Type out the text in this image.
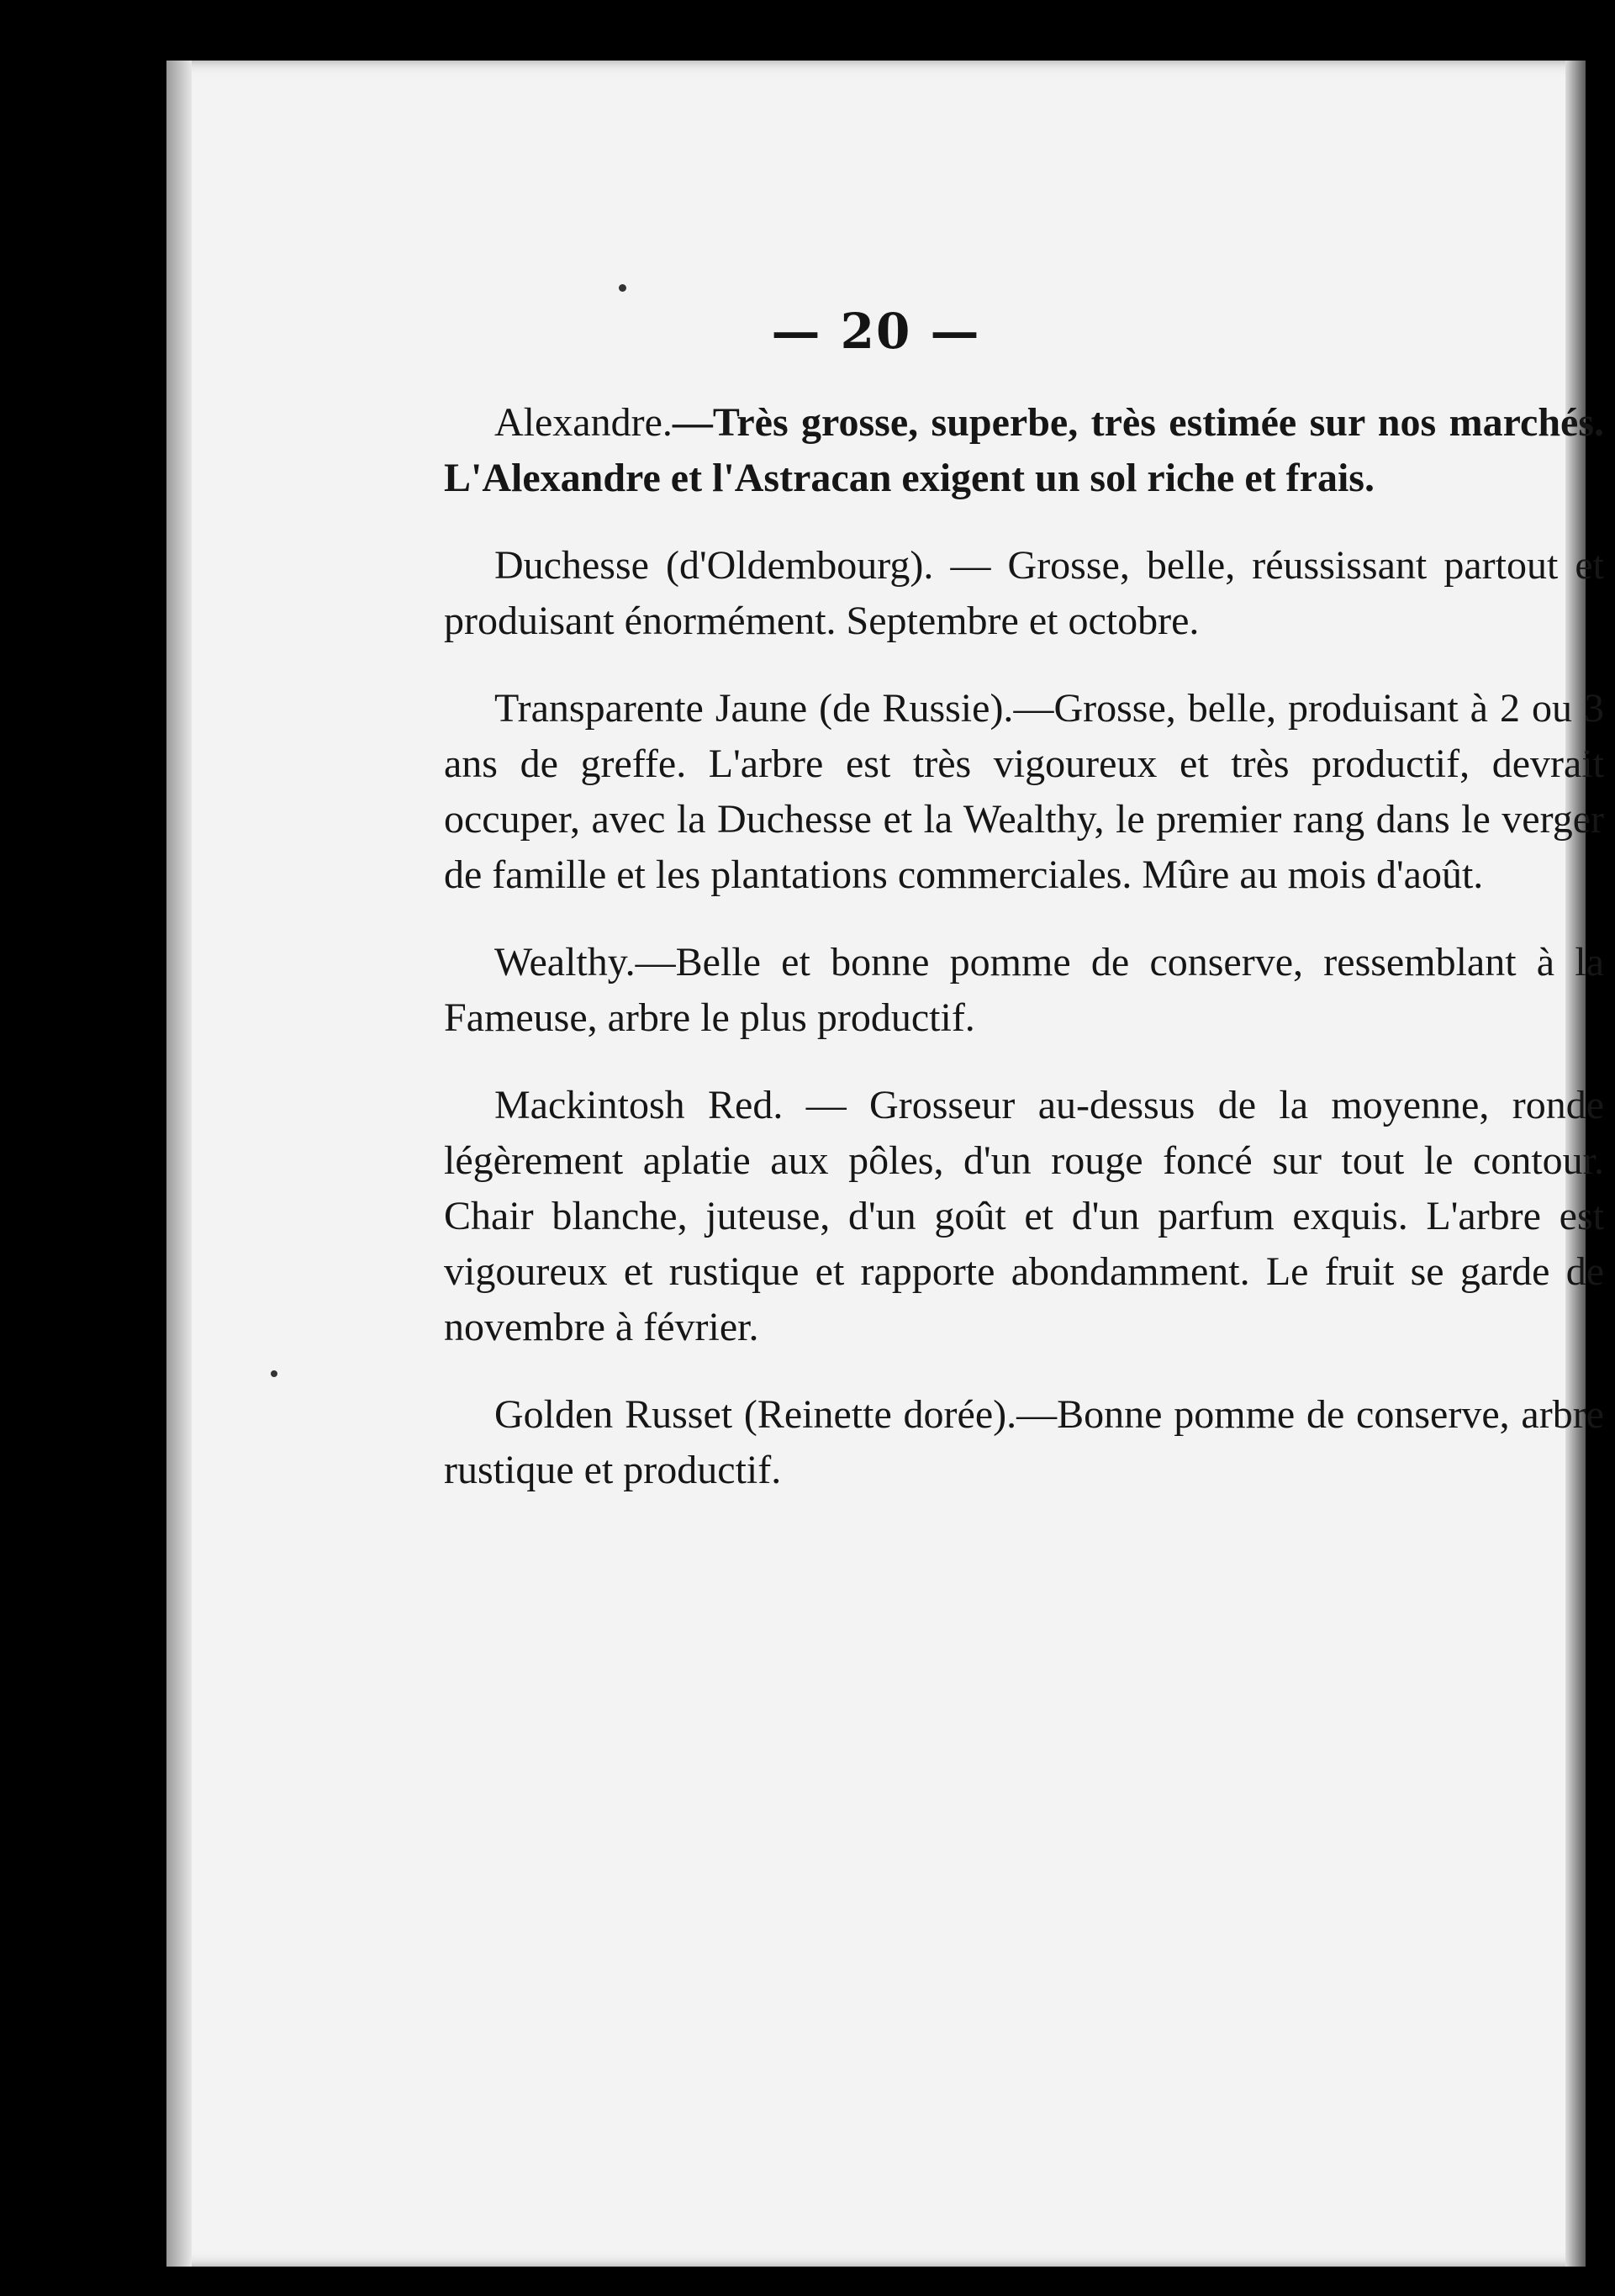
— 20 —

Alexandre.—Très grosse, superbe, très estimée sur nos marchés. L'Alexandre et l'Astracan exigent un sol riche et frais.

Duchesse (d'Oldembourg). — Grosse, belle, réussissant partout et produisant énormément. Septembre et octobre.

Transparente Jaune (de Russie).—Grosse, belle, produisant à 2 ou 3 ans de greffe. L'arbre est très vigoureux et très productif, devrait occuper, avec la Duchesse et la Wealthy, le premier rang dans le verger de famille et les plantations commerciales. Mûre au mois d'août.

Wealthy.—Belle et bonne pomme de conserve, ressemblant à la Fameuse, arbre le plus productif.

Mackintosh Red. — Grosseur au-dessus de la moyenne, ronde légèrement aplatie aux pôles, d'un rouge foncé sur tout le contour. Chair blanche, juteuse, d'un goût et d'un parfum exquis. L'arbre est vigoureux et rustique et rapporte abondamment. Le fruit se garde de novembre à février.

Golden Russet (Reinette dorée).—Bonne pomme de conserve, arbre rustique et productif.
